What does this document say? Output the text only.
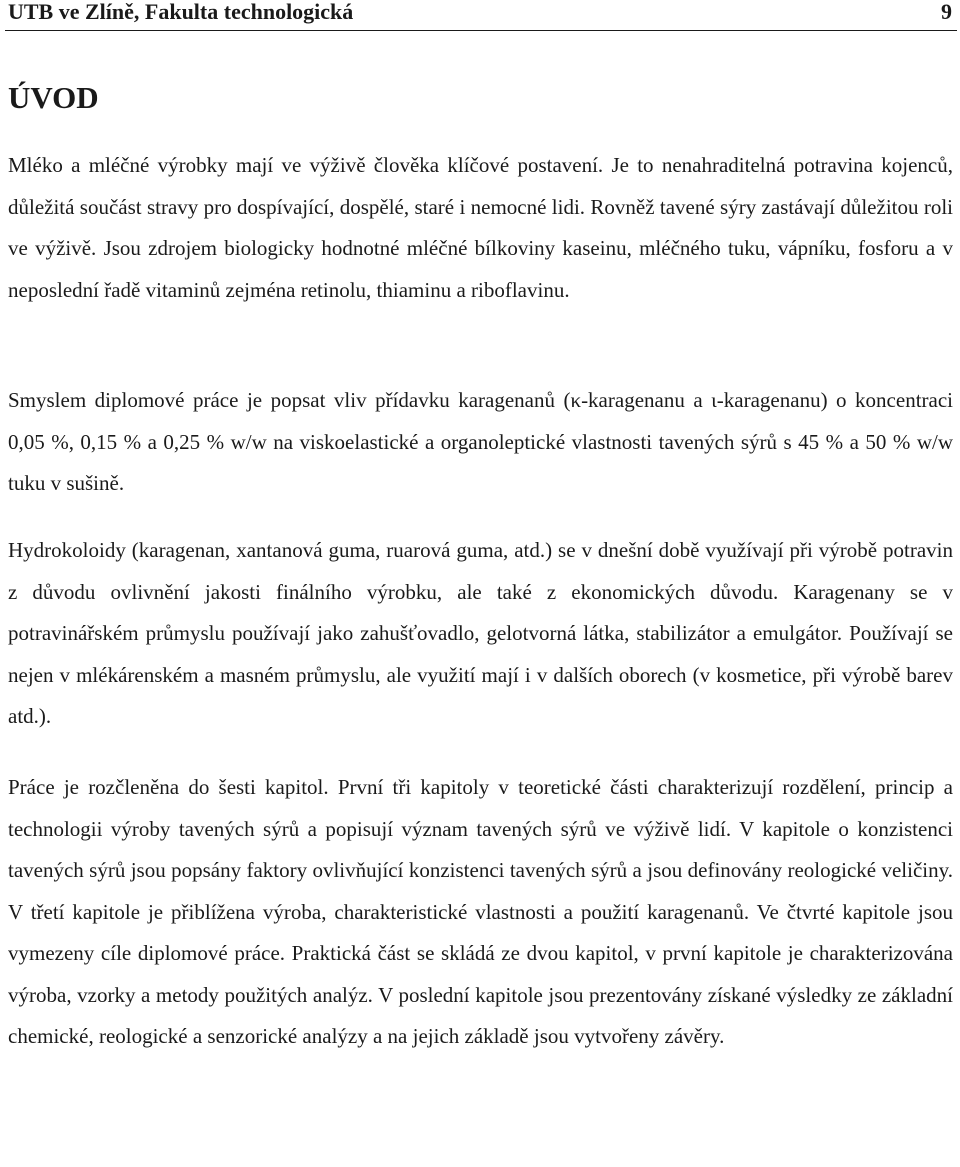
UTB ve Zlíně, Fakulta technologická	9
ÚVOD

Mléko a mléčné výrobky mají ve výživě člověka klíčové postavení. Je to nenahraditelná potravina kojenců, důležitá součást stravy pro dospívající, dospělé, staré i nemocné lidi. Rovněž tavené sýry zastávají důležitou roli ve výživě. Jsou zdrojem biologicky hodnotné mléčné bílkoviny kaseinu, mléčného tuku, vápníku, fosforu a v neposlední řadě vitaminů zejména retinolu, thiaminu a riboflavinu.

Smyslem diplomové práce je popsat vliv přídavku karagenanů (κ-karagenanu a ι-karagenanu) o koncentraci 0,05 %, 0,15 % a 0,25 % w/w na viskoelastické a organoleptické vlastnosti tavených sýrů s 45 % a 50 % w/w tuku v sušině.

Hydrokoloidy (karagenan, xantanová guma, ruarová guma, atd.) se v dnešní době využívají při výrobě potravin z důvodu ovlivnění jakosti finálního výrobku, ale také z ekonomických důvodu. Karagenany se v potravinářském průmyslu používají jako zahušťovadlo, gelotvorná látka, stabilizátor a emulgátor. Používají se nejen v mlékárenském a masném průmyslu, ale využití mají i v dalších oborech (v kosmetice, při výrobě barev atd.).

Práce je rozčleněna do šesti kapitol. První tři kapitoly v teoretické části charakterizují rozdělení, princip a technologii výroby tavených sýrů a popisují význam tavených sýrů ve výživě lidí. V kapitole o konzistenci tavených sýrů jsou popsány faktory ovlivňující konzistenci tavených sýrů a jsou definovány reologické veličiny. V třetí kapitole je přiblížena výroba, charakteristické vlastnosti a použití karagenanů. Ve čtvrté kapitole jsou vymezeny cíle diplomové práce. Praktická část se skládá ze dvou kapitol, v první kapitole je charakterizována výroba, vzorky a metody použitých analýz. V poslední kapitole jsou prezentovány získané výsledky ze základní chemické, reologické a senzorické analýzy a na jejich základě jsou vytvořeny závěry.
